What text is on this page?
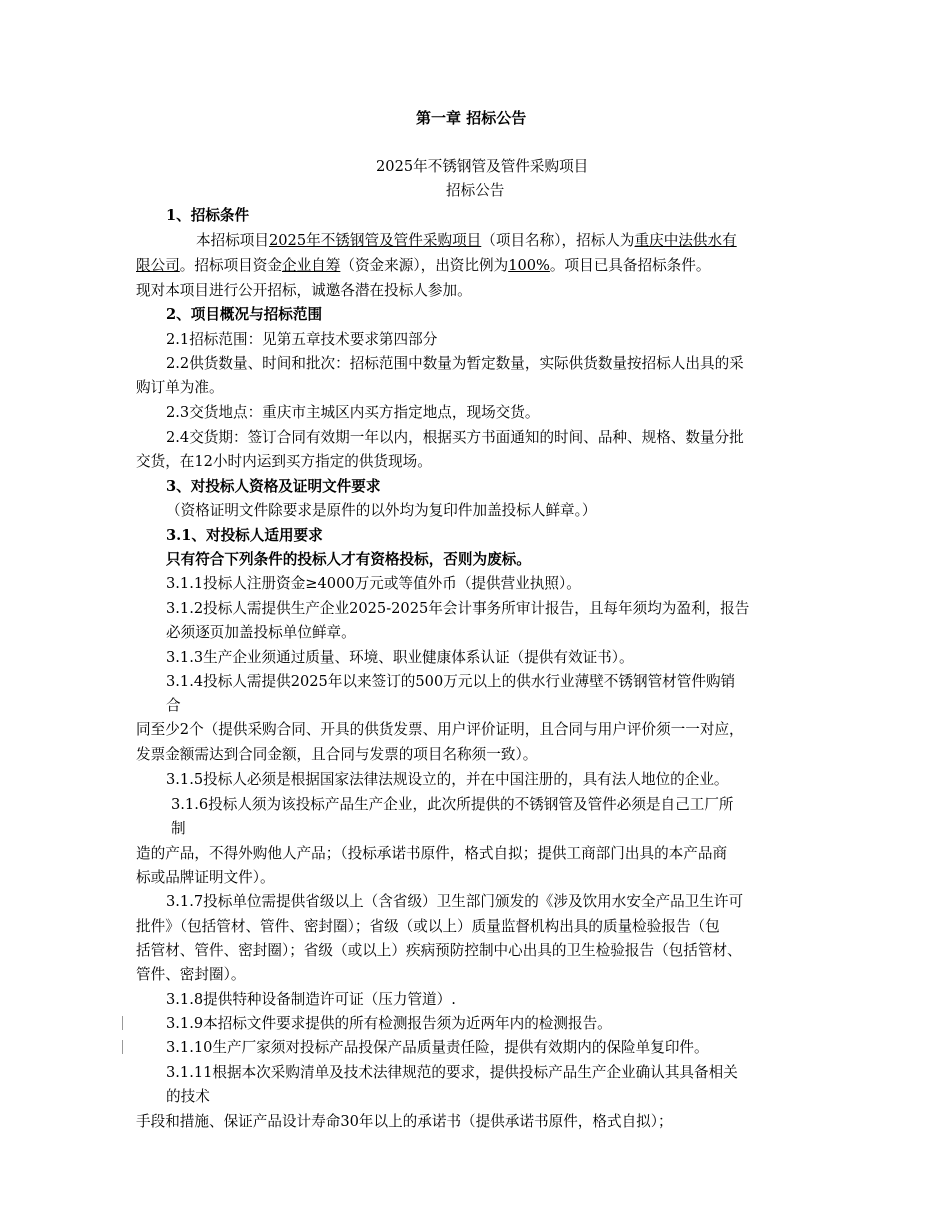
第一章 招标公告
2025年不锈钢管及管件采购项目
招标公告
1、招标条件
本招标项目2025年不锈钢管及管件采购项目（项目名称），招标人为重庆中法供水有
限公司。招标项目资金企业自筹（资金来源），出资比例为100%。项目已具备招标条件。
现对本项目进行公开招标，诚邀各潜在投标人参加。
2、项目概况与招标范围
2.1招标范围：见第五章技术要求第四部分
2.2供货数量、时间和批次：招标范围中数量为暂定数量，实际供货数量按招标人出具的采
购订单为准。
2.3交货地点：重庆市主城区内买方指定地点，现场交货。
2.4交货期：签订合同有效期一年以内，根据买方书面通知的时间、品种、规格、数量分批
交货，在12小时内运到买方指定的供货现场。
3、对投标人资格及证明文件要求
（资格证明文件除要求是原件的以外均为复印件加盖投标人鲜章。）
3.1、对投标人适用要求
只有符合下列条件的投标人才有资格投标，否则为废标。
3.1.1投标人注册资金≥4000万元或等值外币（提供营业执照）。
3.1.2投标人需提供生产企业2025-2025年会计事务所审计报告，且每年须均为盈利，报告
必须逐页加盖投标单位鲜章。
3.1.3生产企业须通过质量、环境、职业健康体系认证（提供有效证书）。
3.1.4投标人需提供2025年以来签订的500万元以上的供水行业薄壁不锈钢管材管件购销
合
同至少2个（提供采购合同、开具的供货发票、用户评价证明，且合同与用户评价须一一对应，
发票金额需达到合同金额，且合同与发票的项目名称须一致）。
3.1.5投标人必须是根据国家法律法规设立的，并在中国注册的，具有法人地位的企业。
3.1.6投标人须为该投标产品生产企业，此次所提供的不锈钢管及管件必须是自己工厂所
制
造的产品，不得外购他人产品；（投标承诺书原件，格式自拟；提供工商部门出具的本产品商
标或品牌证明文件）。
3.1.7投标单位需提供省级以上（含省级）卫生部门颁发的《涉及饮用水安全产品卫生许可
批件》（包括管材、管件、密封圈）；省级（或以上）质量监督机构出具的质量检验报告（包
括管材、管件、密封圈）；省级（或以上）疾病预防控制中心出具的卫生检验报告（包括管材、
管件、密封圈）。
3.1.8提供特种设备制造许可证（压力管道）.
3.1.9本招标文件要求提供的所有检测报告须为近两年内的检测报告。
3.1.10生产厂家须对投标产品投保产品质量责任险，提供有效期内的保险单复印件。
3.1.11根据本次采购清单及技术法律规范的要求，提供投标产品生产企业确认其具备相关
的技术
手段和措施、保证产品设计寿命30年以上的承诺书（提供承诺书原件，格式自拟）；
